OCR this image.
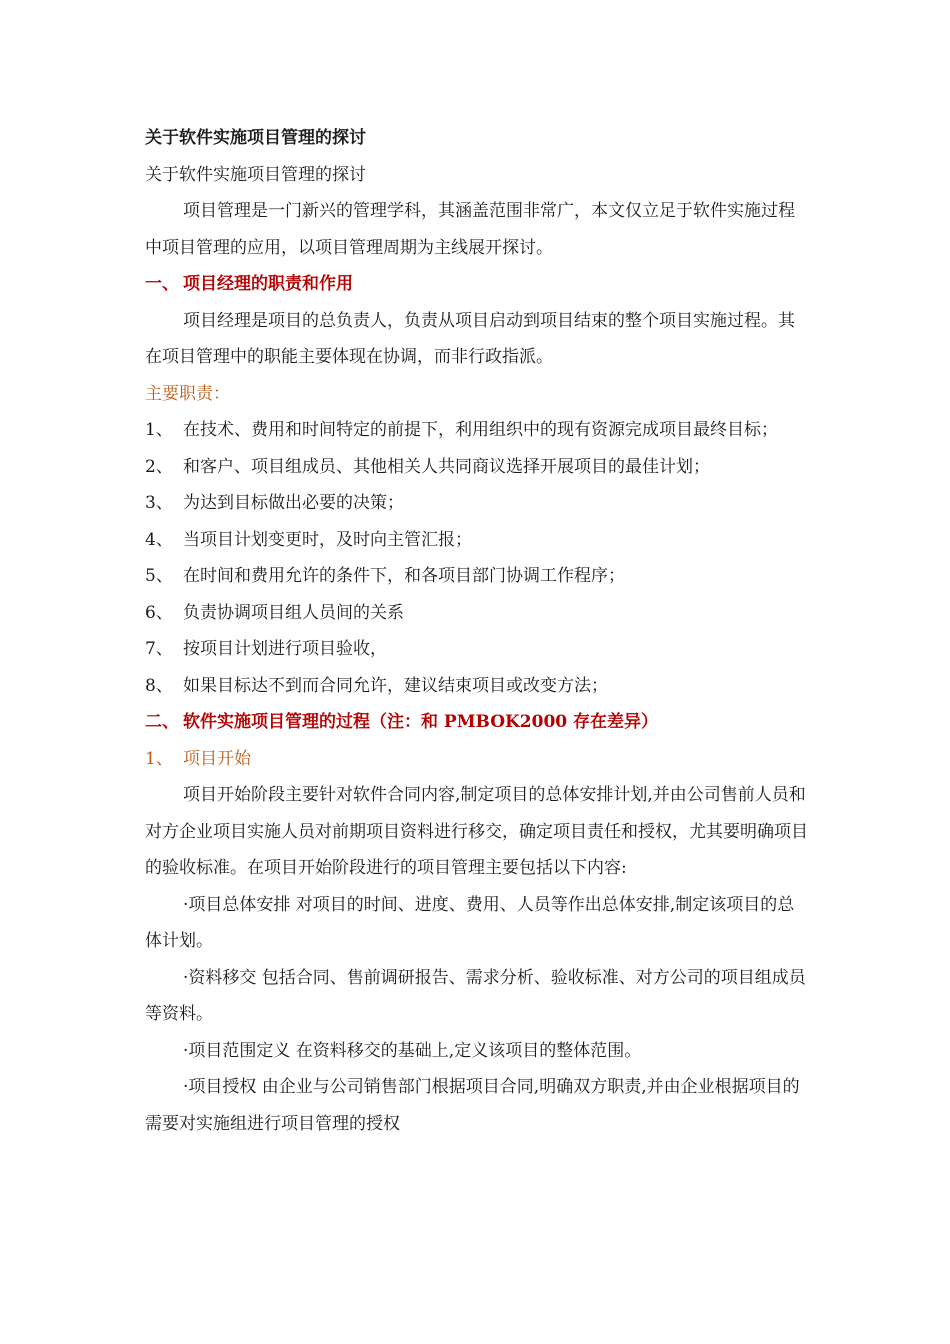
关于软件实施项目管理的探讨

关于软件实施项目管理的探讨

项目管理是一门新兴的管理学科，其涵盖范围非常广，本文仅立足于软件实施过程中项目管理的应用，以项目管理周期为主线展开探讨。

一、 项目经理的职责和作用

项目经理是项目的总负责人，负责从项目启动到项目结束的整个项目实施过程。其在项目管理中的职能主要体现在协调，而非行政指派。

主要职责：

1、 在技术、费用和时间特定的前提下，利用组织中的现有资源完成项目最终目标；

2、 和客户、项目组成员、其他相关人共同商议选择开展项目的最佳计划；

3、 为达到目标做出必要的决策；

4、 当项目计划变更时，及时向主管汇报；

5、 在时间和费用允许的条件下，和各项目部门协调工作程序；

6、 负责协调项目组人员间的关系

7、 按项目计划进行项目验收，

8、 如果目标达不到而合同允许，建议结束项目或改变方法；

二、 软件实施项目管理的过程（注：和 PMBOK2000 存在差异）

1、 项目开始

项目开始阶段主要针对软件合同内容,制定项目的总体安排计划,并由公司售前人员和对方企业项目实施人员对前期项目资料进行移交，确定项目责任和授权，尤其要明确项目的验收标准。在项目开始阶段进行的项目管理主要包括以下内容:

·项目总体安排 对项目的时间、进度、费用、人员等作出总体安排,制定该项目的总体计划。

·资料移交 包括合同、售前调研报告、需求分析、验收标准、对方公司的项目组成员等资料。

·项目范围定义 在资料移交的基础上,定义该项目的整体范围。

·项目授权 由企业与公司销售部门根据项目合同,明确双方职责,并由企业根据项目的需要对实施组进行项目管理的授权
